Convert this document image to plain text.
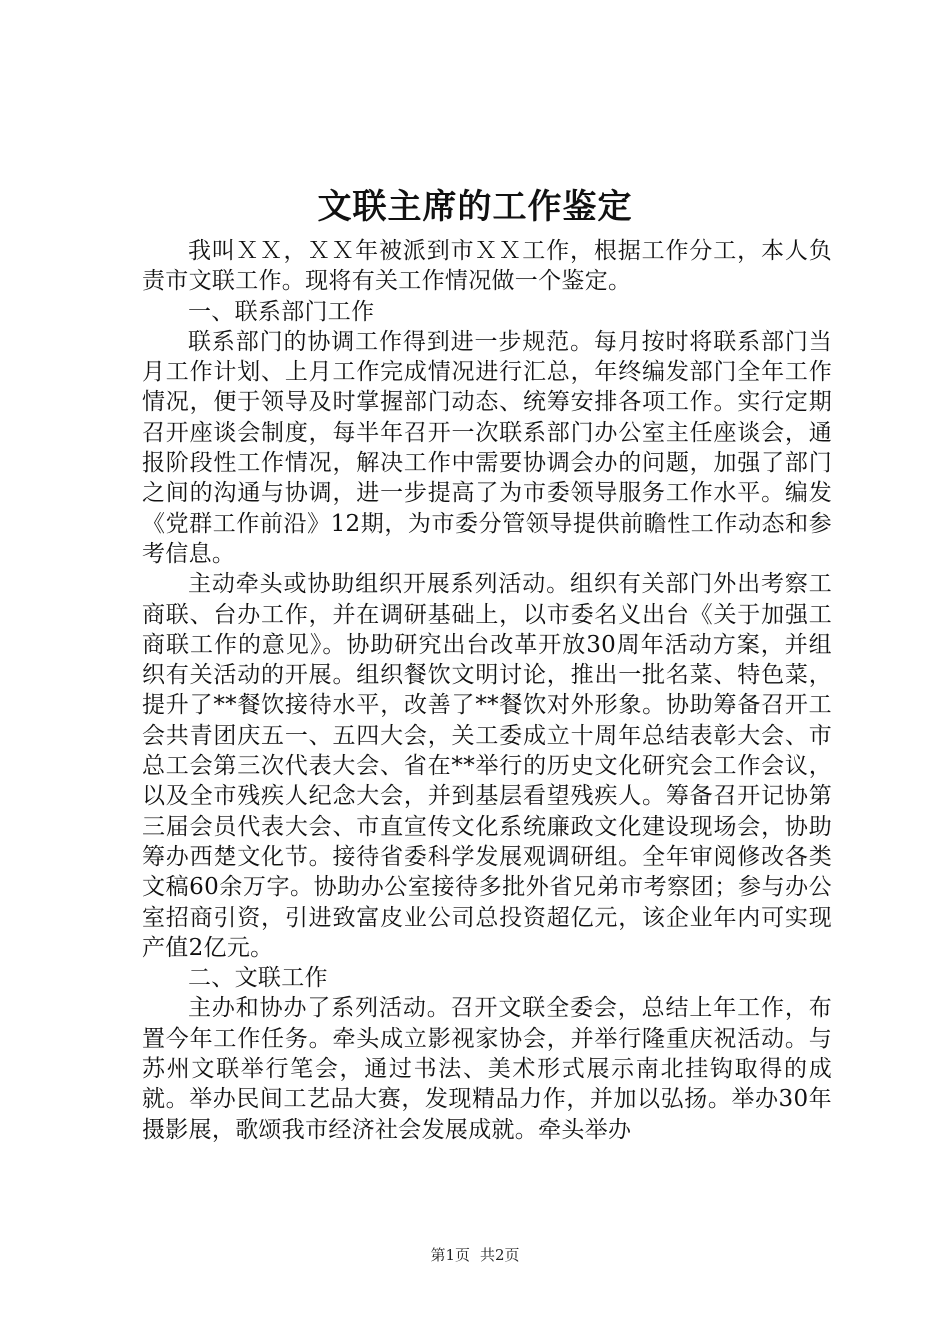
文联主席的工作鉴定

我叫ＸＸ，ＸＸ年被派到市ＸＸ工作，根据工作分工，本人负责市文联工作。现将有关工作情况做一个鉴定。

一、联系部门工作

联系部门的协调工作得到进一步规范。每月按时将联系部门当月工作计划、上月工作完成情况进行汇总，年终编发部门全年工作情况，便于领导及时掌握部门动态、统筹安排各项工作。实行定期召开座谈会制度，每半年召开一次联系部门办公室主任座谈会，通报阶段性工作情况，解决工作中需要协调会办的问题，加强了部门之间的沟通与协调，进一步提高了为市委领导服务工作水平。编发《党群工作前沿》12期，为市委分管领导提供前瞻性工作动态和参考信息。

主动牵头或协助组织开展系列活动。组织有关部门外出考察工商联、台办工作，并在调研基础上，以市委名义出台《关于加强工商联工作的意见》。协助研究出台改革开放30周年活动方案，并组织有关活动的开展。组织餐饮文明讨论，推出一批名菜、特色菜，提升了**餐饮接待水平，改善了**餐饮对外形象。协助筹备召开工会共青团庆五一、五四大会，关工委成立十周年总结表彰大会、市总工会第三次代表大会、省在**举行的历史文化研究会工作会议，以及全市残疾人纪念大会，并到基层看望残疾人。筹备召开记协第三届会员代表大会、市直宣传文化系统廉政文化建设现场会，协助筹办西楚文化节。接待省委科学发展观调研组。全年审阅修改各类文稿60余万字。协助办公室接待多批外省兄弟市考察团；参与办公室招商引资，引进致富皮业公司总投资超亿元，该企业年内可实现产值2亿元。

二、文联工作

主办和协办了系列活动。召开文联全委会，总结上年工作，布置今年工作任务。牵头成立影视家协会，并举行隆重庆祝活动。与苏州文联举行笔会，通过书法、美术形式展示南北挂钩取得的成就。举办民间工艺品大赛，发现精品力作，并加以弘扬。举办30年摄影展，歌颂我市经济社会发展成就。牵头举办

第1页 共2页
